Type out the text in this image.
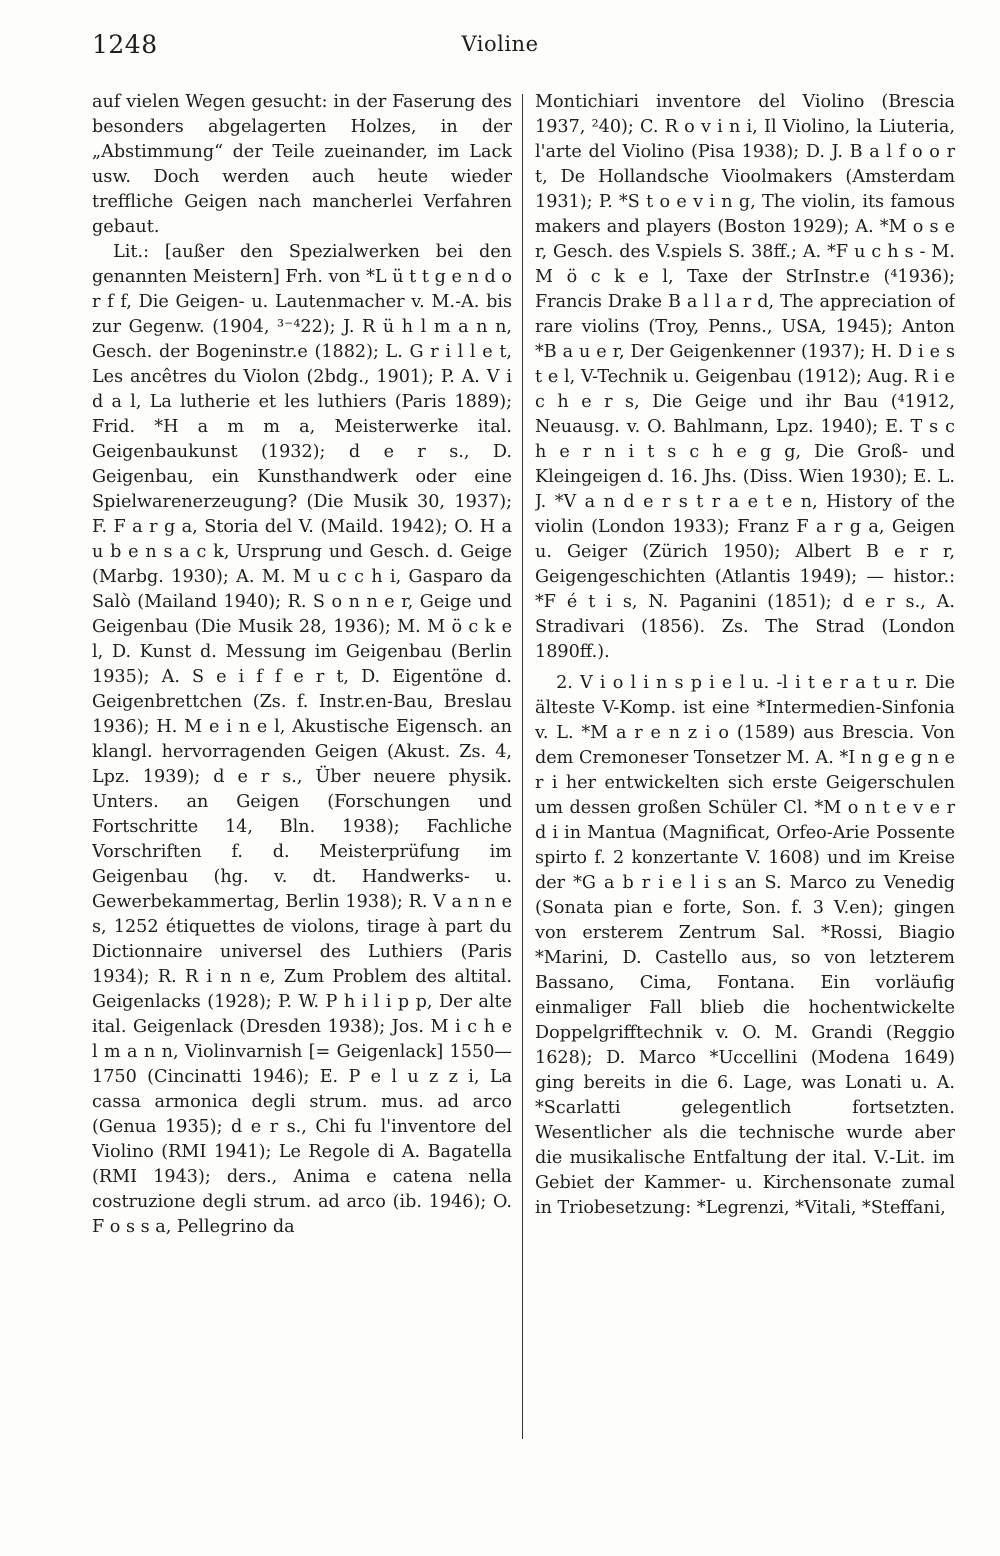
1248	Violine

auf vielen Wegen gesucht: in der Faserung des besonders abgelagerten Holzes, in der „Abstimmung“ der Teile zueinander, im Lack usw. Doch werden auch heute wieder treffliche Geigen nach mancherlei Verfahren gebaut.

Lit.: [außer den Spezialwerken bei den genannten Meistern] Frh. von *L ü t t g e n d o r f f, Die Geigen- u. Lautenmacher v. M.-A. bis zur Gegenw. (1904, ³⁻⁴22); J. R ü h l m a n n, Gesch. der Bogeninstr.e (1882); L. G r i l l e t, Les ancêtres du Violon (2bdg., 1901); P. A. V i d a l, La lutherie et les luthiers (Paris 1889); Frid. *H a m m a, Meisterwerke ital. Geigenbaukunst (1932); d e r s., D. Geigenbau, ein Kunsthandwerk oder eine Spielwarenerzeugung? (Die Musik 30, 1937); F. F a r g a, Storia del V. (Maild. 1942); O. H a u b e n s a c k, Ursprung und Gesch. d. Geige (Marbg. 1930); A. M. M u c c h i, Gasparo da Salò (Mailand 1940); R. S o n n e r, Geige und Geigenbau (Die Musik 28, 1936); M. M ö c k e l, D. Kunst d. Messung im Geigenbau (Berlin 1935); A. S e i f f e r t, D. Eigentöne d. Geigenbrettchen (Zs. f. Instr.en-Bau, Breslau 1936); H. M e i n e l, Akustische Eigensch. an klangl. hervorragenden Geigen (Akust. Zs. 4, Lpz. 1939); d e r s., Über neuere physik. Unters. an Geigen (Forschungen und Fortschritte 14, Bln. 1938); Fachliche Vorschriften f. d. Meisterprüfung im Geigenbau (hg. v. dt. Handwerks- u. Gewerbekammertag, Berlin 1938); R. V a n n e s, 1252 étiquettes de violons, tirage à part du Dictionnaire universel des Luthiers (Paris 1934); R. R i n n e, Zum Problem des altital. Geigenlacks (1928); P. W. P h i l i p p, Der alte ital. Geigenlack (Dresden 1938); Jos. M i c h e l m a n n, Violinvarnish [= Geigenlack] 1550—1750 (Cincinatti 1946); E. P e l u z z i, La cassa armonica degli strum. mus. ad arco (Genua 1935); d e r s., Chi fu l'inventore del Violino (RMI 1941); Le Regole di A. Bagatella (RMI 1943); ders., Anima e catena nella costruzione degli strum. ad arco (ib. 1946); O. F o s s a, Pellegrino da

Montichiari inventore del Violino (Brescia 1937, ²40); C. R o v i n i, Il Violino, la Liuteria, l'arte del Violino (Pisa 1938); D. J. B a l f o o r t, De Hollandsche Vioolmakers (Amsterdam 1931); P. *S t o e v i n g, The violin, its famous makers and players (Boston 1929); A. *M o s e r, Gesch. des V.spiels S. 38ff.; A. *F u c h s - M. M ö c k e l, Taxe der StrInstr.e (⁴1936); Francis Drake B a l l a r d, The appreciation of rare violins (Troy, Penns., USA, 1945); Anton *B a u e r, Der Geigenkenner (1937); H. D i e s t e l, V-Technik u. Geigenbau (1912); Aug. R i e c h e r s, Die Geige und ihr Bau (⁴1912, Neuausg. v. O. Bahlmann, Lpz. 1940); E. T s c h e r n i t s c h e g g, Die Groß- und Kleingeigen d. 16. Jhs. (Diss. Wien 1930); E. L. J. *V a n d e r s t r a e t e n, History of the violin (London 1933); Franz F a r g a, Geigen u. Geiger (Zürich 1950); Albert B e r r, Geigengeschichten (Atlantis 1949); — histor.: *F é t i s, N. Paganini (1851); d e r s., A. Stradivari (1856). Zs. The Strad (London 1890ff.).

2. V i o l i n s p i e l u. -l i t e r a t u r. Die älteste V-Komp. ist eine *Intermedien-Sinfonia v. L. *M a r e n z i o (1589) aus Brescia. Von dem Cremoneser Tonsetzer M. A. *I n g e g n e r i her entwickelten sich erste Geigerschulen um dessen großen Schüler Cl. *M o n t e v e r d i in Mantua (Magnificat, Orfeo-Arie Possente spirto f. 2 konzertante V. 1608) und im Kreise der *G a b r i e l i s an S. Marco zu Venedig (Sonata pian e forte, Son. f. 3 V.en); gingen von ersterem Zentrum Sal. *Rossi, Biagio *Marini, D. Castello aus, so von letzterem Bassano, Cima, Fontana. Ein vorläufig einmaliger Fall blieb die hochentwickelte Doppelgrifftechnik v. O. M. Grandi (Reggio 1628); D. Marco *Uccellini (Modena 1649) ging bereits in die 6. Lage, was Lonati u. A. *Scarlatti gelegentlich fortsetzten. Wesentlicher als die technische wurde aber die musikalische Entfaltung der ital. V.-Lit. im Gebiet der Kammer- u. Kirchensonate zumal in Triobesetzung: *Legrenzi, *Vitali, *Steffani,
